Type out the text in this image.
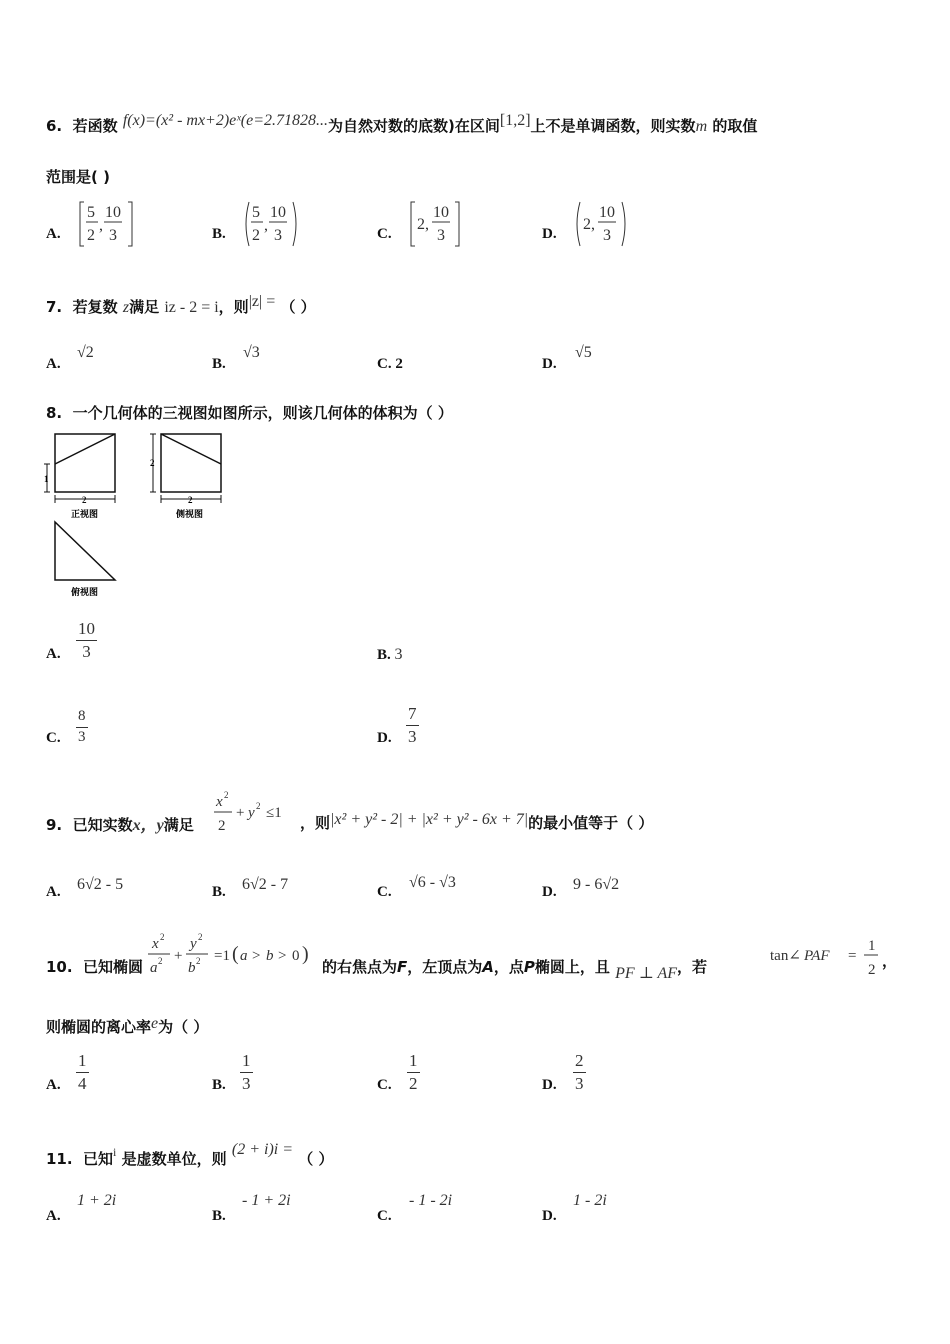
6. 若函数 f(x)=(x² - mx+2)eˣ(e=2.71828...为自然对数的底数)在区间[1,2]上不是单调函数，则实数m 的取值
范围是( )
A.
5
2
,
10
3	B.
5
2
,
10
3	C.
2,
10
3	D.
2,
10
3
7. 若复数 z满足 iz - 2 = i，则|z| = （ ）
A.
√2
B.
√3
C. 2	D.
√5
8. 一个几何体的三视图如图所示，则该几何体的体积为（ ）
1
2
正视图
2
2
侧视图
俯视图
A. $\frac{10}{3}$	B. 3
C. $\frac{8}{3}$	D. $\frac{7}{3}$
9. 已知实数x，y满足
x 2
2
+ y 2 ≤1
，则|x² + y² - 2| + |x² + y² - 6x + 7|的最小值等于（ ）
A. 6√2 - 5	B. 6√2 - 7	C.
√6 - √3
D. 9 - 6√2
10. 已知椭圆
x 2
a 2 +
y 2
b 2 =1 ( a > b > 0 )
的右焦点为F，左顶点为A，点P椭圆上，且 PF ⊥ AF，若
tan∠ PAF =
1
2 ，
则椭圆的离心率e为（ ）
A. $\frac{1}{4}$	B. $\frac{1}{3}$	C. $\frac{1}{2}$	D. $\frac{2}{3}$
11. 已知$^i$ 是虚数单位，则 (2 + i)i = （ ）
A.
1 + 2i
B.
- 1 + 2i
C.
- 1 - 2i
D.
1 - 2i
